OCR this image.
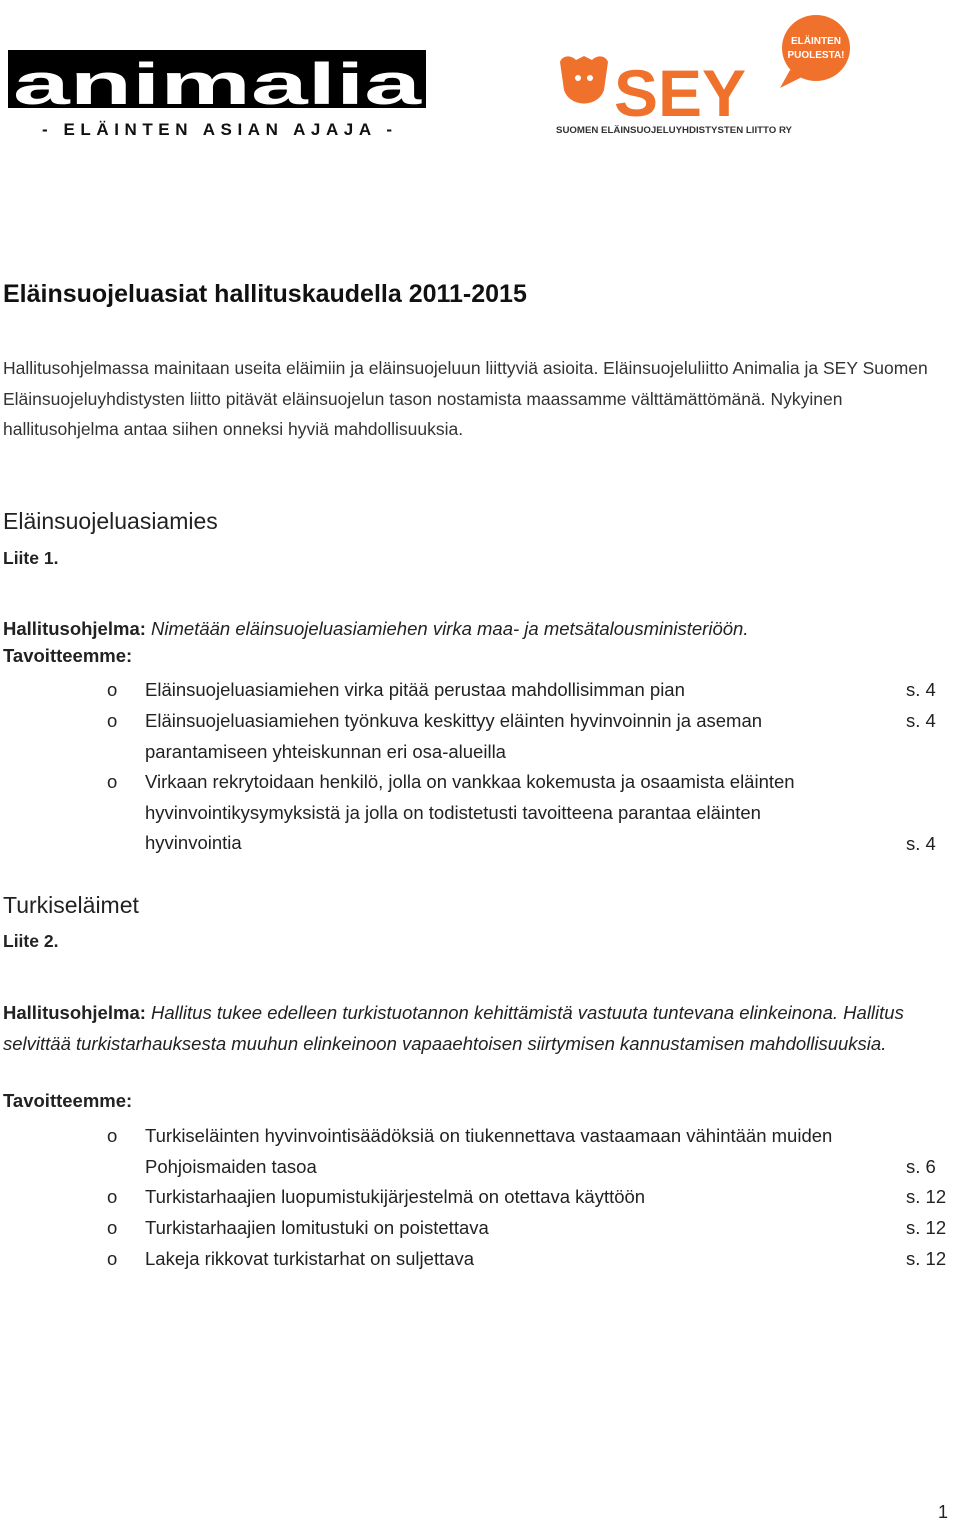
animalia
- ELÄINTEN ASIAN AJAJA -
ELÄINTEN
PUOLESTA!
SEY
SUOMEN ELÄINSUOJELUYHDISTYSTEN LIITTO RY
Eläinsuojeluasiat hallituskaudella 2011-2015
Hallitusohjelmassa mainitaan useita eläimiin ja eläinsuojeluun liittyviä asioita. Eläinsuojeluliitto Animalia ja SEY Suomen Eläinsuojeluyhdistysten liitto pitävät eläinsuojelun tason nostamista maassamme välttämättömänä. Nykyinen hallitusohjelma antaa siihen onneksi hyviä mahdollisuuksia.
Eläinsuojeluasiamies
Liite 1.
Hallitusohjelma: Nimetään eläinsuojeluasiamiehen virka maa- ja metsätalousministeriöön.
Tavoitteemme:
o Eläinsuojeluasiamiehen virka pitää perustaa mahdollisimman pian	s. 4
o Eläinsuojeluasiamiehen työnkuva keskittyy eläinten hyvinvoinnin ja aseman
parantamiseen yhteiskunnan eri osa-alueilla
s. 4
o Virkaan rekrytoidaan henkilö, jolla on vankkaa kokemusta ja osaamista eläinten
hyvinvointikysymyksistä ja jolla on todistetusti tavoitteena parantaa eläinten
hyvinvointia	s. 4
Turkiseläimet
Liite 2.
Hallitusohjelma: Hallitus tukee edelleen turkistuotannon kehittämistä vastuuta tuntevana elinkeinona. Hallitus selvittää turkistarhauksesta muuhun elinkeinoon vapaaehtoisen siirtymisen kannustamisen mahdollisuuksia.
Tavoitteemme:
o Turkiseläinten hyvinvointisäädöksiä on tiukennettava vastaamaan vähintään muiden
Pohjoismaiden tasoa	s. 6
o Turkistarhaajien luopumistukijärjestelmä on otettava käyttöön	s. 12
o Turkistarhaajien lomitustuki on poistettava	s. 12
o Lakeja rikkovat turkistarhat on suljettava	s. 12
1
